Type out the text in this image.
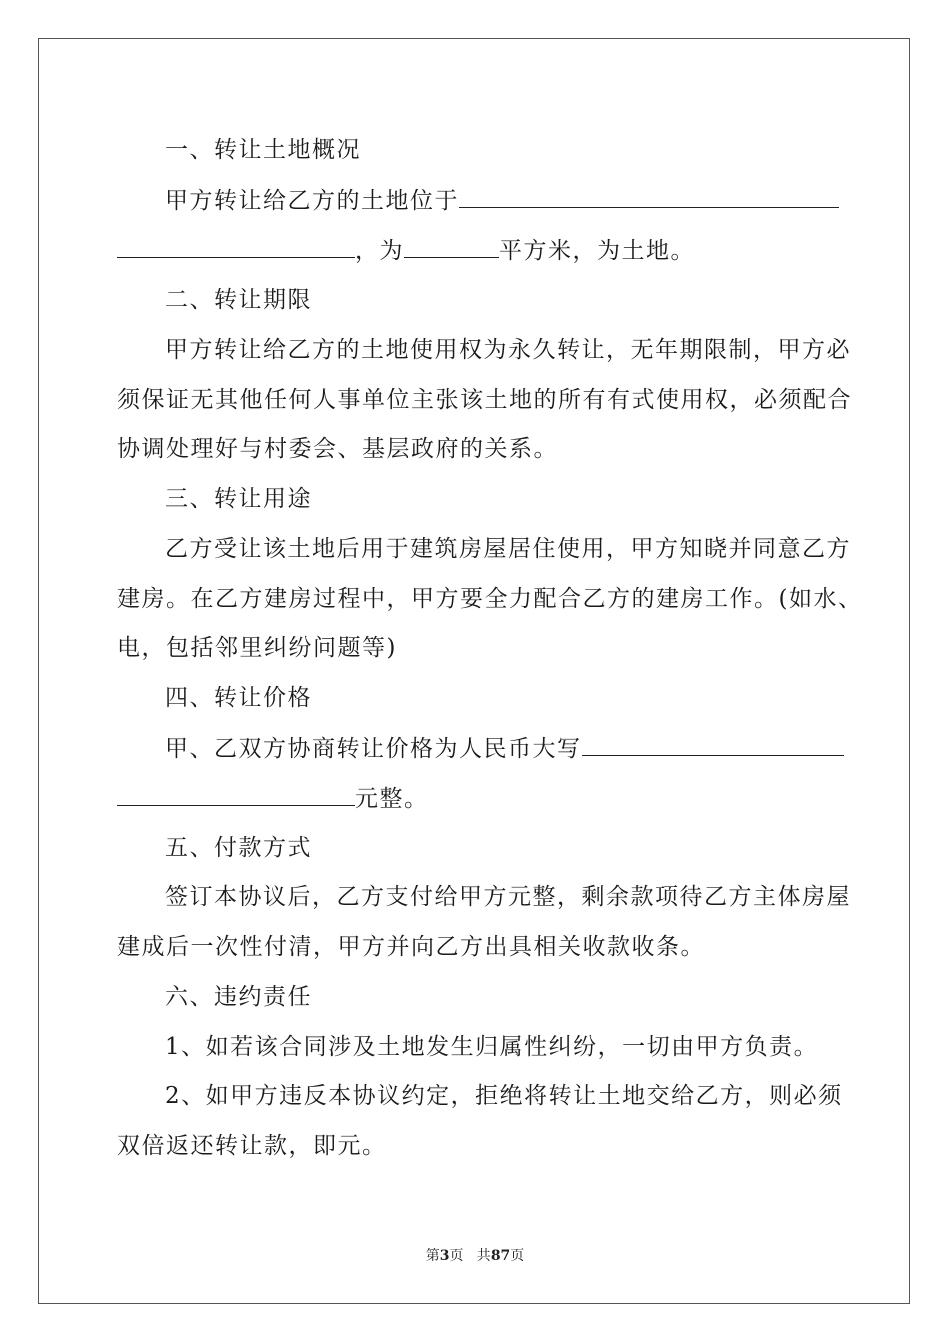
一、转让土地概况
甲方转让给乙方的土地位于
，为	平方米，为土地。
二、转让期限
甲方转让给乙方的土地使用权为永久转让，无年期限制，甲方必
须保证无其他任何人事单位主张该土地的所有有式使用权，必须配合
协调处理好与村委会、基层政府的关系。
三、转让用途
乙方受让该土地后用于建筑房屋居住使用，甲方知晓并同意乙方
建房。在乙方建房过程中，甲方要全力配合乙方的建房工作。(如水、
电，包括邻里纠纷问题等)
四、转让价格
甲、乙双方协商转让价格为人民币大写
元整。
五、付款方式
签订本协议后，乙方支付给甲方元整，剩余款项待乙方主体房屋
建成后一次性付清，甲方并向乙方出具相关收款收条。
六、违约责任
1、如若该合同涉及土地发生归属性纠纷，一切由甲方负责。
2、如甲方违反本协议约定，拒绝将转让土地交给乙方，则必须
双倍返还转让款，即元。
第3页   共87页
